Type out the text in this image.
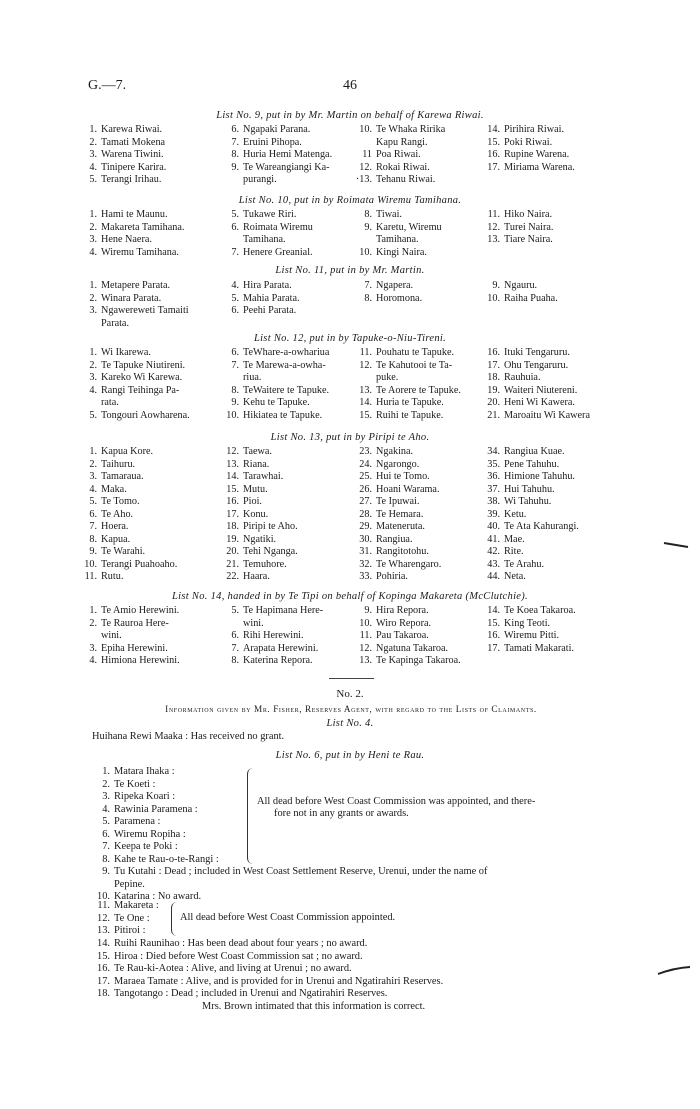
G.—7.	46
List No. 9, put in by Mr. Martin on behalf of Karewa Riwai.
List No. 10, put in by Roimata Wiremu Tamihana.
List No. 11, put in by Mr. Martin.
List No. 12, put in by Tapuke-o-Niu-Tireni.
List No. 13, put in by Piripi te Aho.
List No. 14, handed in by Te Tipi on behalf of Kopinga Makareta (McClutchie).
1. Karewa Riwai.
2. Tamati Mokena
3. Warena Tiwini.
4. Tinipere Karira.
5. Terangi Irihau.
6. Ngapaki Parana.
7. Eruini Pihopa.
8. Huria Hemi Matenga.
9. Te Wareangiangi Ka-
purangi.
10. Te Whaka Ririka
Kapu Rangi.
11 Poa Riwai.
12. Rokai Riwai.
·13. Tehanu Riwai.
14. Pirihira Riwai.
15. Poki Riwai.
16. Rupine Warena.
17. Miriama Warena.
1. Hami te Maunu.
2. Makareta Tamihana.
3. Hene Naera.
4. Wiremu Tamihana.
5. Tukawe Riri.
6. Roimata Wiremu
Tamihana.
7. Henere Greanial.
8. Tiwai.
9. Karetu, Wiremu
Tamihana.
10. Kingi Naira.
11. Hiko Naira.
12. Turei Naira.
13. Tiare Naira.
1. Metapere Parata.
2. Winara Parata.
3. Ngawereweti Tamaiti
Parata.
4. Hira Parata.
5. Mahia Parata.
6. Peehi Parata.
7. Ngapera.
8. Horomona.
9. Ngauru.
10. Raiha Puaha.
1. Wi Ikarewa.
2. Te Tapuke Niutireni.
3. Kareko Wi Karewa.
4. Rangi Teihinga Pa-
rata.
5. Tongouri Aowharena.
6. TeWhare-a-owhariua
7. Te Marewa-a-owha-
riua.
8. TeWaitere te Tapuke.
9. Kehu te Tapuke.
10. Hikiatea te Tapuke.
11. Pouhatu te Tapuke.
12. Te Kahutooi te Ta-
puke.
13. Te Aorere te Tapuke.
14. Huria te Tapuke.
15. Ruihi te Tapuke.
16. Ituki Tengaruru.
17. Ohu Tengaruru.
18. Rauhuia.
19. Waiteri Niutereni.
20. Heni Wi Kawera.
21. Maroaitu Wi Kawera
1. Kapua Kore.
2. Taihuru.
3. Tamaraua.
4. Maka.
5. Te Tomo.
6. Te Aho.
7. Hoera.
8. Kapua.
9. Te Warahi.
10. Terangi Puahoaho.
11. Rutu.
12. Taewa.
13. Riana.
14. Tarawhai.
15. Mutu.
16. Pioi.
17. Konu.
18. Piripi te Aho.
19. Ngatiki.
20. Tehi Nganga.
21. Temuhore.
22. Haara.
23. Ngakina.
24. Ngarongo.
25. Hui te Tomo.
26. Hoani Warama.
27. Te Ipuwai.
28. Te Hemara.
29. Mateneruta.
30. Rangiua.
31. Rangitotohu.
32. Te Wharengaro.
33. Pohiria.
34. Rangiua Kuae.
35. Pene Tahuhu.
36. Himione Tahuhu.
37. Hui Tahuhu.
38. Wi Tahuhu.
39. Ketu.
40. Te Ata Kahurangi.
41. Mae.
42. Rite.
43. Te Arahu.
44. Neta.
1. Te Amio Herewini.
2. Te Rauroa Here-
wini.
3. Epiha Herewini.
4. Himiona Herewini.
5. Te Hapimana Here-
wini.
6. Rihi Herewini.
7. Arapata Herewini.
8. Katerina Repora.
9. Hira Repora.
10. Wiro Repora.
11. Pau Takaroa.
12. Ngatuna Takaroa.
13. Te Kapinga Takaroa.
14. Te Koea Takaroa.
15. King Teoti.
16. Wiremu Pitti.
17. Tamati Makarati.
No. 2.
Information given by Mr. Fisher, Reserves Agent, with regard to the Lists of Claimants.
List No. 4.
Huihana Rewi Maaka : Has received no grant.
List No. 6, put in by Heni te Rau.
1. Matara Ihaka :
2. Te Koeti :
3. Ripeka Koari :
4. Rawinia Paramena :
5. Paramena :
6. Wiremu Ropiha :
7. Keepa te Poki :
8. Kahe te Rau-o-te-Rangi :
All dead before West Coast Commission was appointed, and there-
fore not in any grants or awards.
9. Tu Kutahi : Dead ; included in West Coast Settlement Reserve, Urenui, under the name of
Pepine.
10. Katarina : No award.
11. Makareta :
12. Te One :
13. Pitiroi :
All dead before West Coast Commission appointed.
14. Ruihi Raunihao : Has been dead about four years ; no award.
15. Hiroa : Died before West Coast Commission sat ; no award.
16. Te Rau-ki-Aotea : Alive, and living at Urenui ; no award.
17. Maraea Tamate : Alive, and is provided for in Urenui and Ngatirahiri Reserves.
18. Tangotango : Dead ; included in Urenui and Ngatirahiri Reserves.
Mrs. Brown intimated that this information is correct.
